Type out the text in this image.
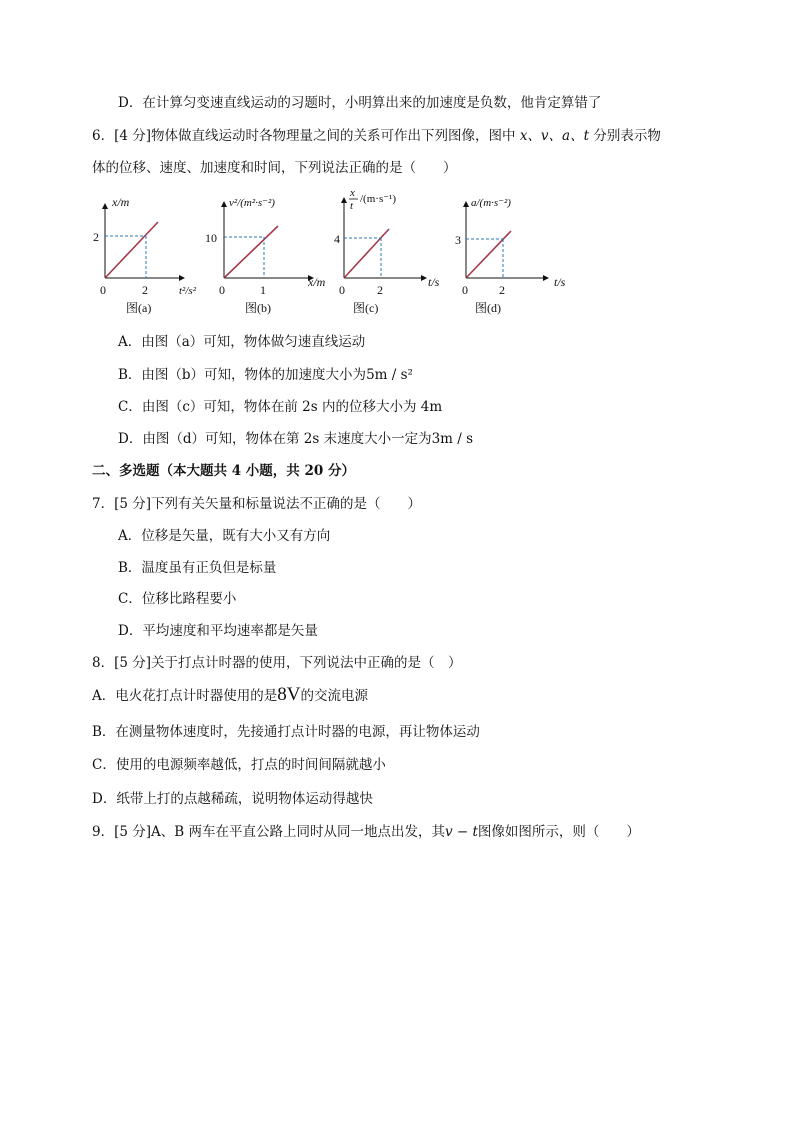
D．在计算匀变速直线运动的习题时，小明算出来的加速度是负数，他肯定算错了
6．[4 分]物体做直线运动时各物理量之间的关系可作出下列图像，图中 x、v、a、t 分别表示物
体的位移、速度、加速度和时间，下列说法正确的是（　　）
x/m
2
2
0	t²/s²
图(a)
v²/(m²·s⁻²)
10
1
0
x/m
图(b)
x
t
/(m·s⁻¹)
4
2
0
t/s
图(c)
a/(m·s⁻²)
3
2
0
t/s
图(d)
A．由图（a）可知，物体做匀速直线运动
B．由图（b）可知，物体的加速度大小为5m / s²
C．由图（c）可知，物体在前 2s 内的位移大小为 4m
D．由图（d）可知，物体在第 2s 末速度大小一定为3m / s
二、多选题（本大题共 4 小题，共 20 分）
7．[5 分]下列有关矢量和标量说法不正确的是（　　）
A．位移是矢量，既有大小又有方向
B．温度虽有正负但是标量
C．位移比路程要小
D．平均速度和平均速率都是矢量
8．[5 分]关于打点计时器的使用，下列说法中正确的是（　）
A．电火花打点计时器使用的是8V的交流电源
B．在测量物体速度时，先接通打点计时器的电源，再让物体运动
C．使用的电源频率越低，打点的时间间隔就越小
D．纸带上打的点越稀疏，说明物体运动得越快
9．[5 分]A、B 两车在平直公路上同时从同一地点出发，其v − t图像如图所示，则（　　）
